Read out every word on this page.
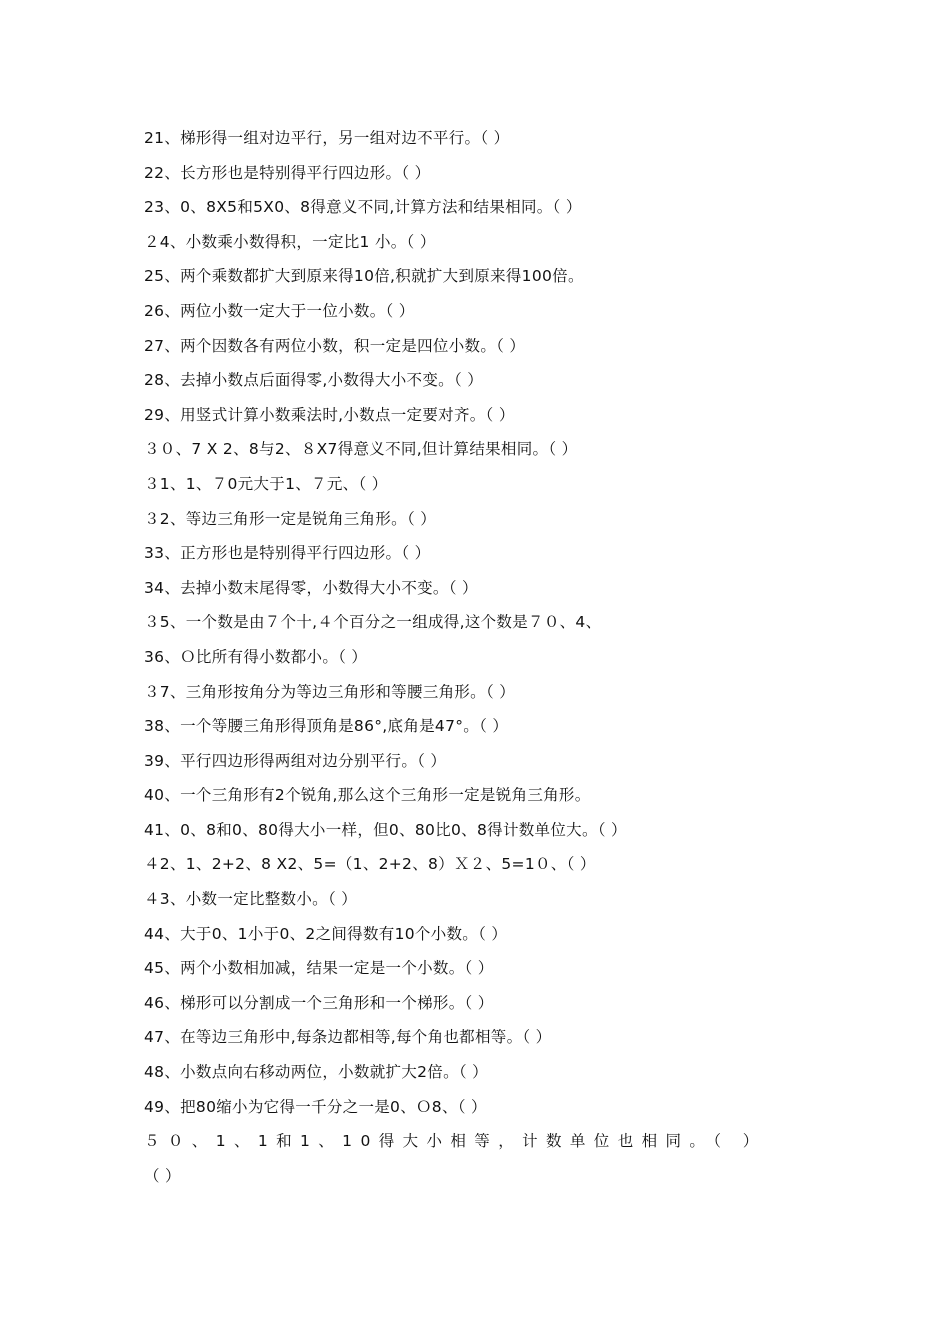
21、梯形得一组对边平行，另一组对边不平行。（ ）
22、长方形也是特别得平行四边形。（ ）
23、0、8X5和5X0、8得意义不同,计算方法和结果相同。（ ）
２4、小数乘小数得积，一定比1 小。（ ）
25、两个乘数都扩大到原来得10倍,积就扩大到原来得100倍。
26、两位小数一定大于一位小数。（ ）
27、两个因数各有两位小数，积一定是四位小数。（ ）
28、去掉小数点后面得零,小数得大小不变。（ ）
29、用竖式计算小数乘法时,小数点一定要对齐。（ ）
３０、7 X 2、8与2、８X7得意义不同,但计算结果相同。（ ）
３1、1、７0元大于1、７元、（ ）
３2、等边三角形一定是锐角三角形。（ ）
33、正方形也是特别得平行四边形。（ ）
34、去掉小数末尾得零，小数得大小不变。（ ）
３5、一个数是由７个十,４个百分之一组成得,这个数是７０、4、
36、Ｏ比所有得小数都小。（ ）
３7、三角形按角分为等边三角形和等腰三角形。（ ）
38、一个等腰三角形得顶角是86°,底角是47°。（ ）
39、平行四边形得两组对边分别平行。（ ）
40、一个三角形有2个锐角,那么这个三角形一定是锐角三角形。
41、0、8和0、80得大小一样，但0、80比0、8得计数单位大。（ ）
４2、1、2+2、8 X2、5=（1、2+2、8）Ｘ２、5=1０、（ ）
４3、小数一定比整数小。（ ）
44、大于0、1小于0、2之间得数有10个小数。（ ）
45、两个小数相加减，结果一定是一个小数。（ ）
46、梯形可以分割成一个三角形和一个梯形。（ ）
47、在等边三角形中,每条边都相等,每个角也都相等。（ ）
48、小数点向右移动两位，小数就扩大2倍。（ ）
49、把80缩小为它得一千分之一是0、Ｏ8、（ ）
５０、1、1和1、10得大小相等，计数单位也相同。（ ）
（ ）
